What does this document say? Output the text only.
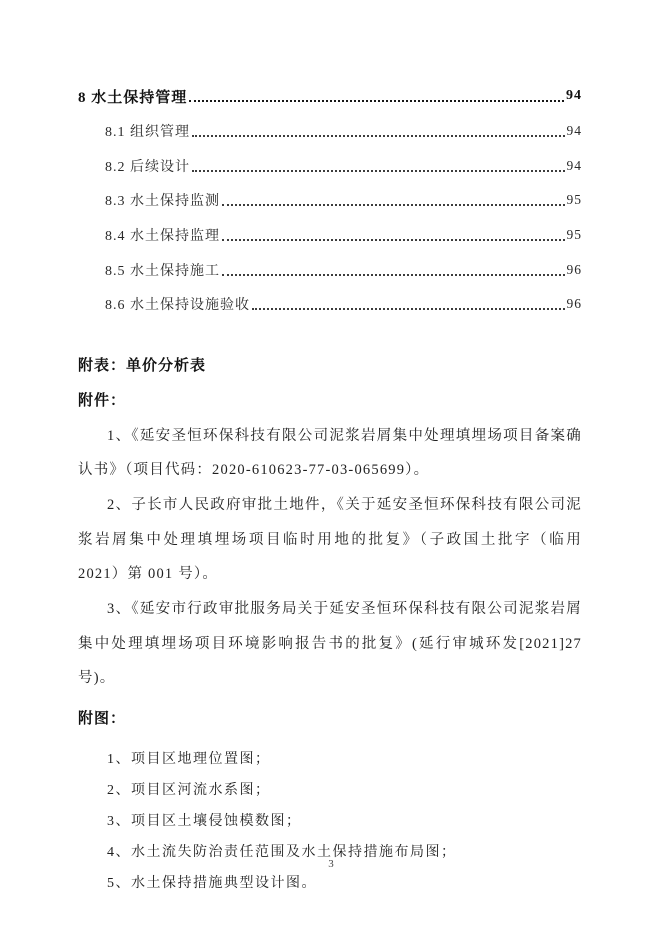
8 水土保持管理	94
8.1 组织管理	94
8.2 后续设计	94
8.3 水土保持监测	95
8.4 水土保持监理	95
8.5 水土保持施工	96
8.6 水土保持设施验收	96
附表：单价分析表
附件：

1、《延安圣恒环保科技有限公司泥浆岩屑集中处理填埋场项目备案确认书》（项目代码：2020-610623-77-03-065699）。

2、子长市人民政府审批土地件，《关于延安圣恒环保科技有限公司泥浆岩屑集中处理填埋场项目临时用地的批复》（子政国土批字（临用 2021）第 001 号）。

3、《延安市行政审批服务局关于延安圣恒环保科技有限公司泥浆岩屑集中处理填埋场项目环境影响报告书的批复》(延行审城环发[2021]27 号)。

附图：
1、项目区地理位置图；
2、项目区河流水系图；
3、项目区土壤侵蚀模数图；
4、水土流失防治责任范围及水土保持措施布局图；
5、水土保持措施典型设计图。
3
